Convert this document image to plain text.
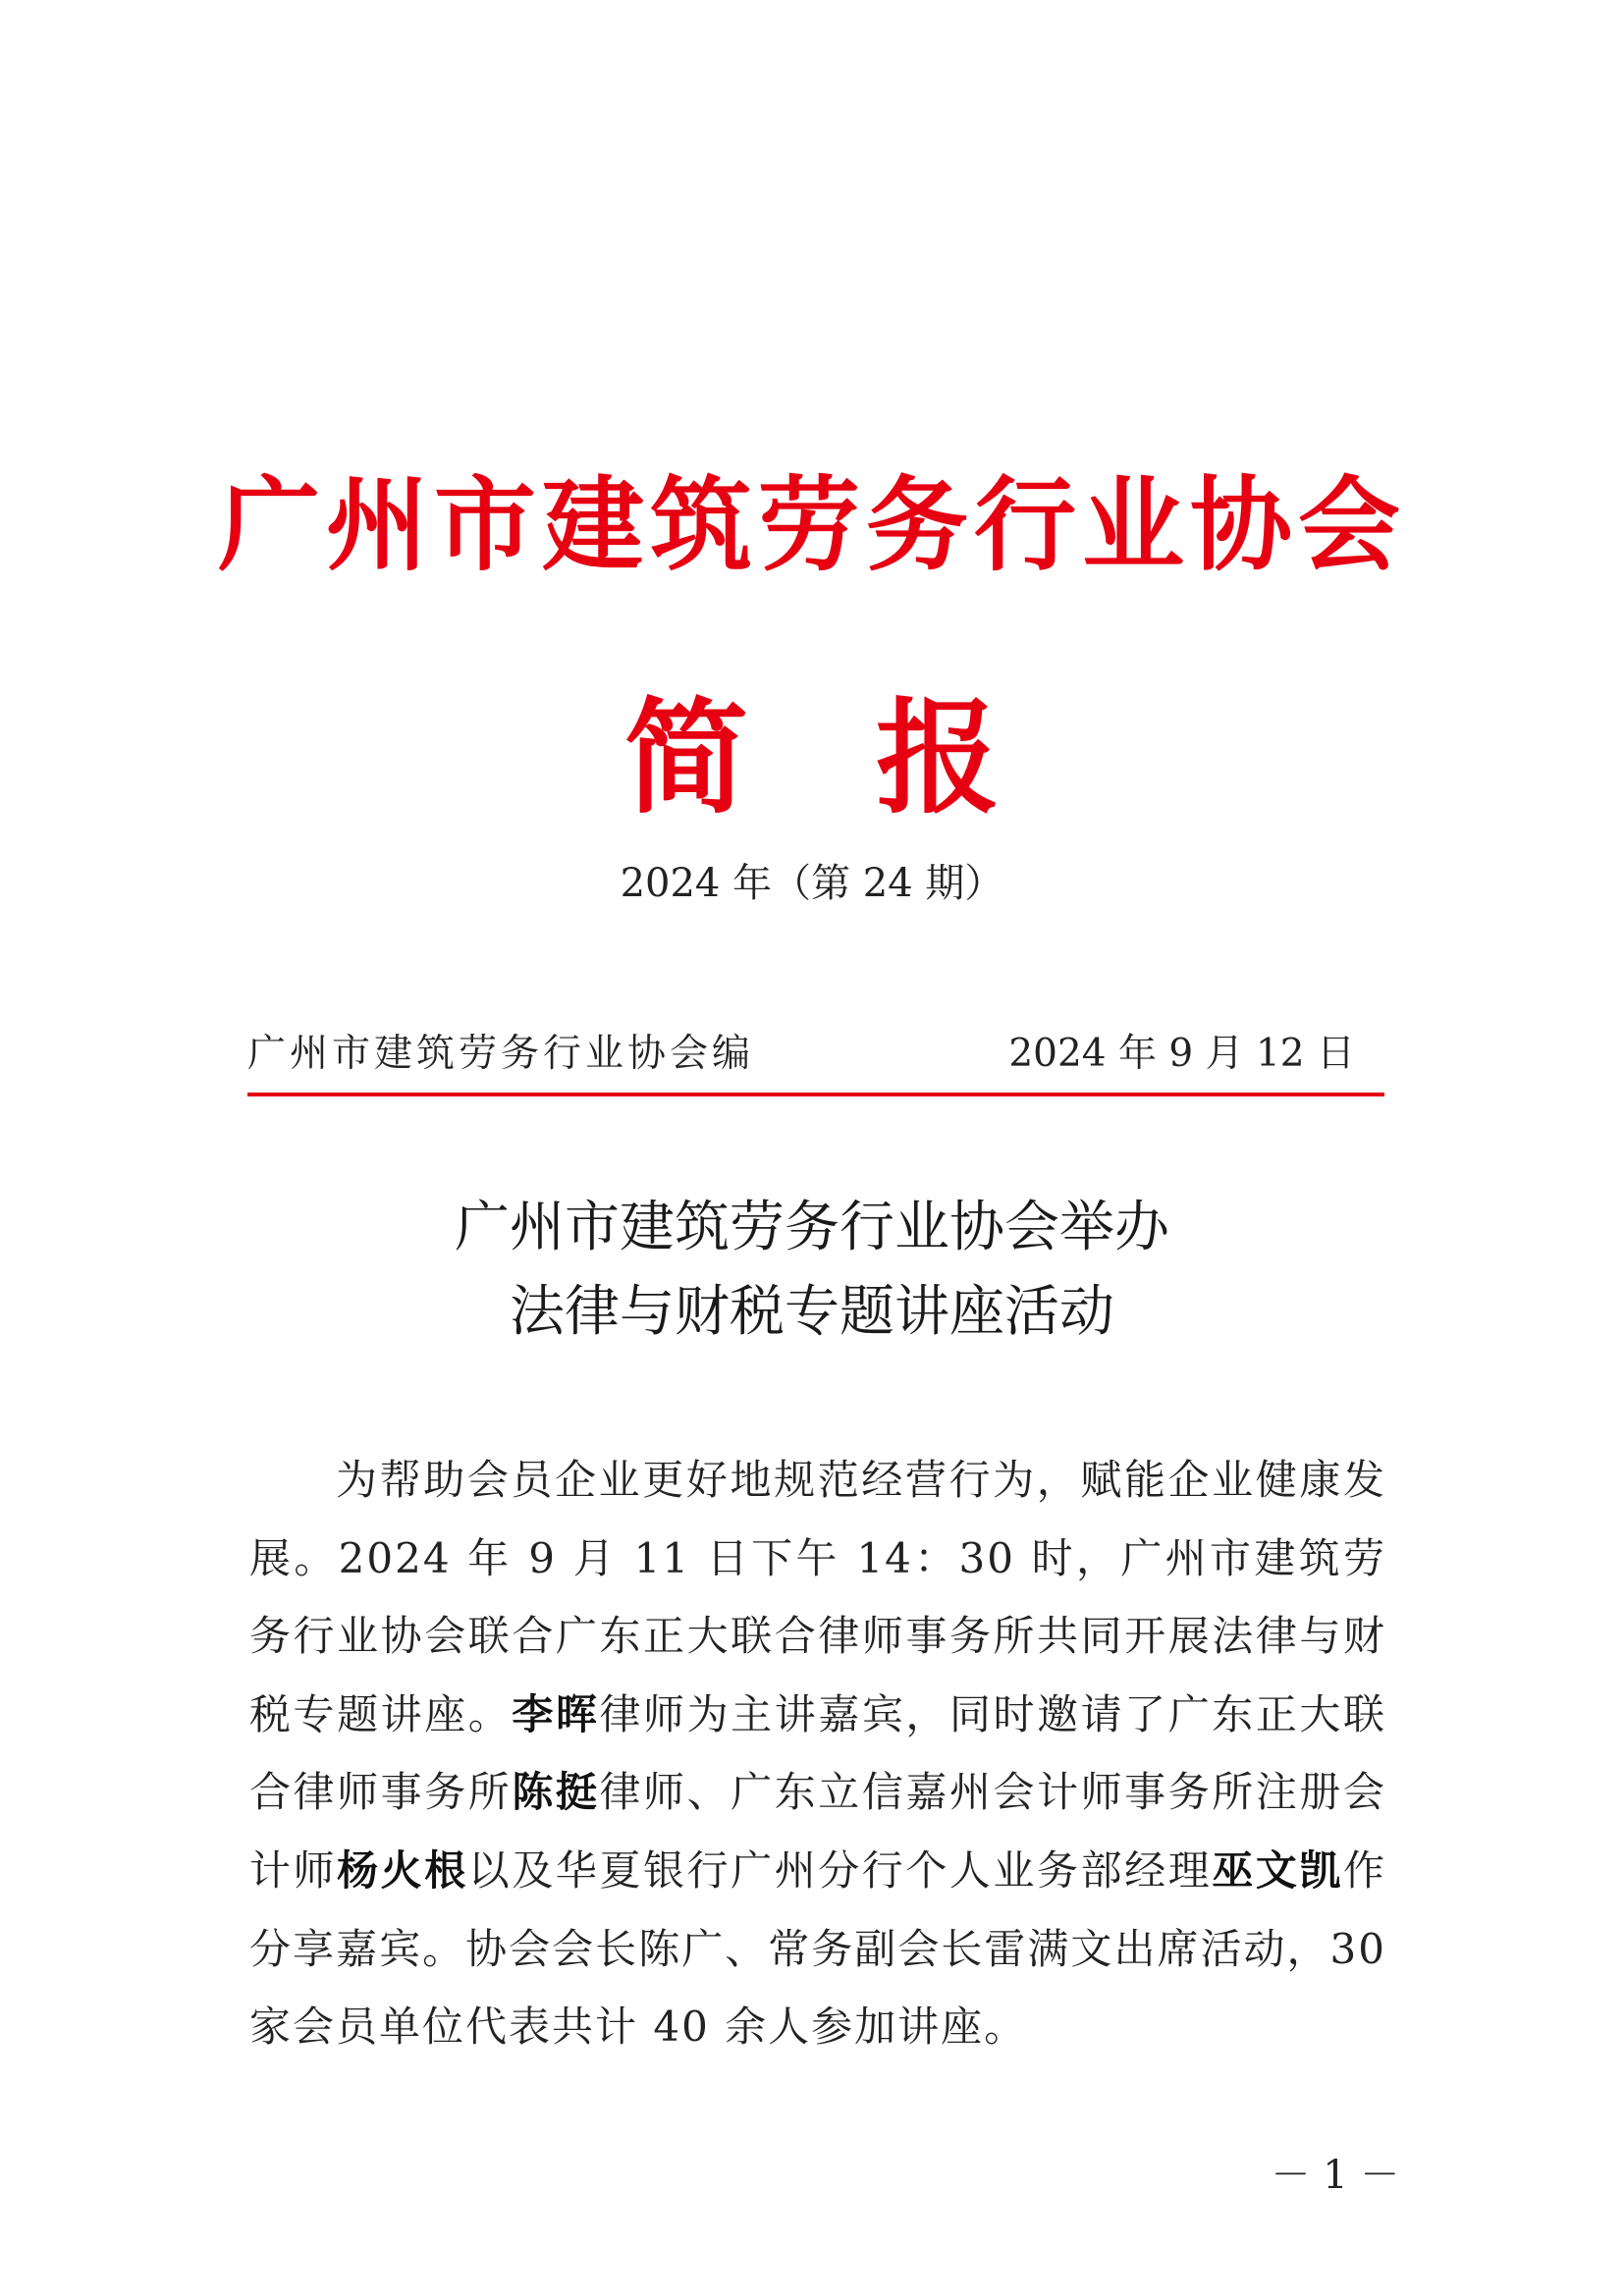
广州市建筑劳务行业协会
简 报
2024 年（第 24 期）
广州市建筑劳务行业协会编	2024 年 9 月 12 日
广州市建筑劳务行业协会举办
法律与财税专题讲座活动

为帮助会员企业更好地规范经营行为，赋能企业健康发展。2024 年 9 月 11 日下午 14：30 时，广州市建筑劳务行业协会联合广东正大联合律师事务所共同开展法律与财税专题讲座。李晖律师为主讲嘉宾，同时邀请了广东正大联合律师事务所陈挺律师、广东立信嘉州会计师事务所注册会计师杨火根以及华夏银行广州分行个人业务部经理巫文凯作分享嘉宾。协会会长陈广、常务副会长雷满文出席活动，30 家会员单位代表共计 40 余人参加讲座。

－ 1 －
